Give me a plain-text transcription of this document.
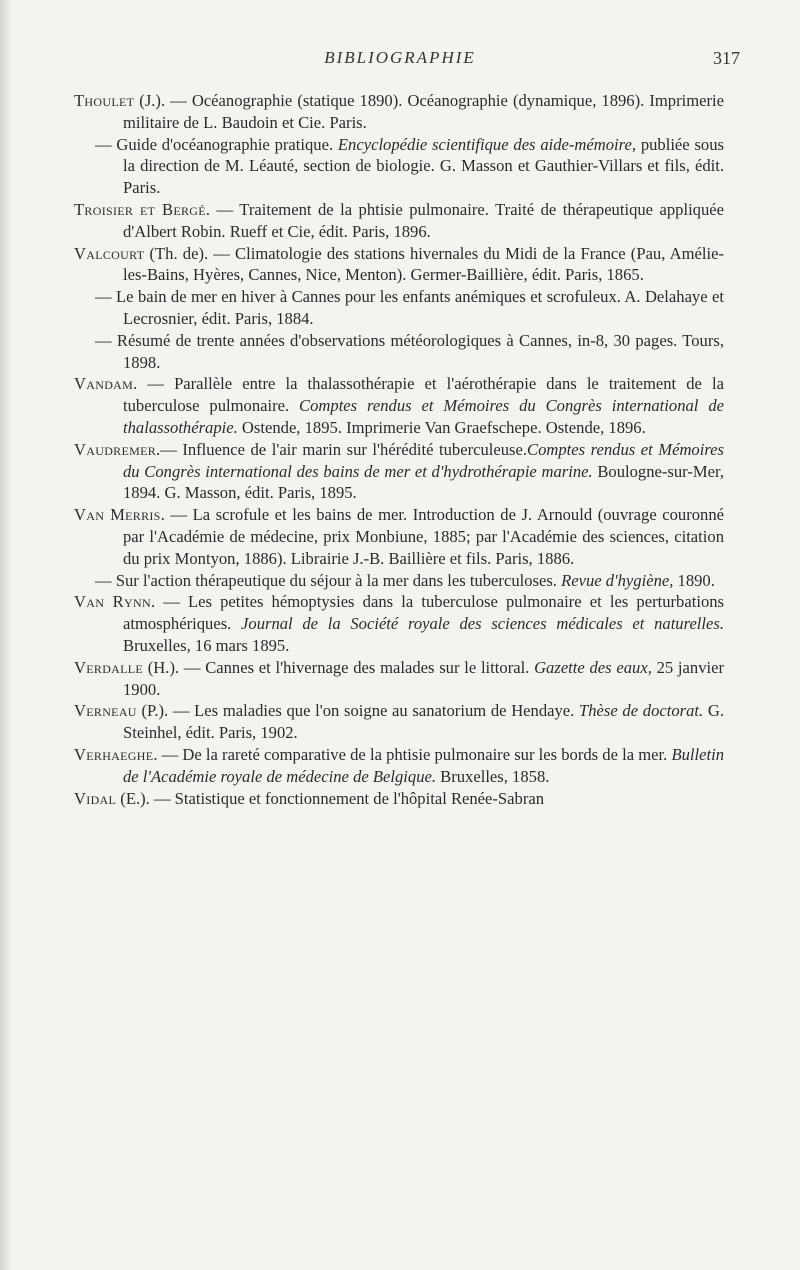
BIBLIOGRAPHIE	317

Thoulet (J.). — Océanographie (statique 1890). Océanographie (dynamique, 1896). Imprimerie militaire de L. Baudoin et Cie. Paris.

— Guide d'océanographie pratique. Encyclopédie scientifique des aide-mémoire, publiée sous la direction de M. Léauté, section de biologie. G. Masson et Gauthier-Villars et fils, édit. Paris.

Troisier et Bergé. — Traitement de la phtisie pulmonaire. Traité de thérapeutique appliquée d'Albert Robin. Rueff et Cie, édit. Paris, 1896.

Valcourt (Th. de). — Climatologie des stations hivernales du Midi de la France (Pau, Amélie-les-Bains, Hyères, Cannes, Nice, Menton). Germer-Baillière, édit. Paris, 1865.

— Le bain de mer en hiver à Cannes pour les enfants anémiques et scrofuleux. A. Delahaye et Lecrosnier, édit. Paris, 1884.

— Résumé de trente années d'observations météorologiques à Cannes, in-8, 30 pages. Tours, 1898.

Vandam. — Parallèle entre la thalassothérapie et l'aérothérapie dans le traitement de la tuberculose pulmonaire. Comptes rendus et Mémoires du Congrès international de thalassothérapie. Ostende, 1895. Imprimerie Van Graefschepe. Ostende, 1896.

Vaudremer.— Influence de l'air marin sur l'hérédité tuberculeuse.Comptes rendus et Mémoires du Congrès international des bains de mer et d'hydrothérapie marine. Boulogne-sur-Mer, 1894. G. Masson, édit. Paris, 1895.

Van Merris. — La scrofule et les bains de mer. Introduction de J. Arnould (ouvrage couronné par l'Académie de médecine, prix Monbiune, 1885; par l'Académie des sciences, citation du prix Montyon, 1886). Librairie J.-B. Baillière et fils. Paris, 1886.

— Sur l'action thérapeutique du séjour à la mer dans les tuberculoses. Revue d'hygiène, 1890.

Van Rynn. — Les petites hémoptysies dans la tuberculose pulmonaire et les perturbations atmosphériques. Journal de la Société royale des sciences médicales et naturelles. Bruxelles, 16 mars 1895.

Verdalle (H.). — Cannes et l'hivernage des malades sur le littoral. Gazette des eaux, 25 janvier 1900.

Verneau (P.). — Les maladies que l'on soigne au sanatorium de Hendaye. Thèse de doctorat. G. Steinhel, édit. Paris, 1902.

Verhaeghe. — De la rareté comparative de la phtisie pulmonaire sur les bords de la mer. Bulletin de l'Académie royale de médecine de Belgique. Bruxelles, 1858.

Vidal (E.). — Statistique et fonctionnement de l'hôpital Renée-Sabran
